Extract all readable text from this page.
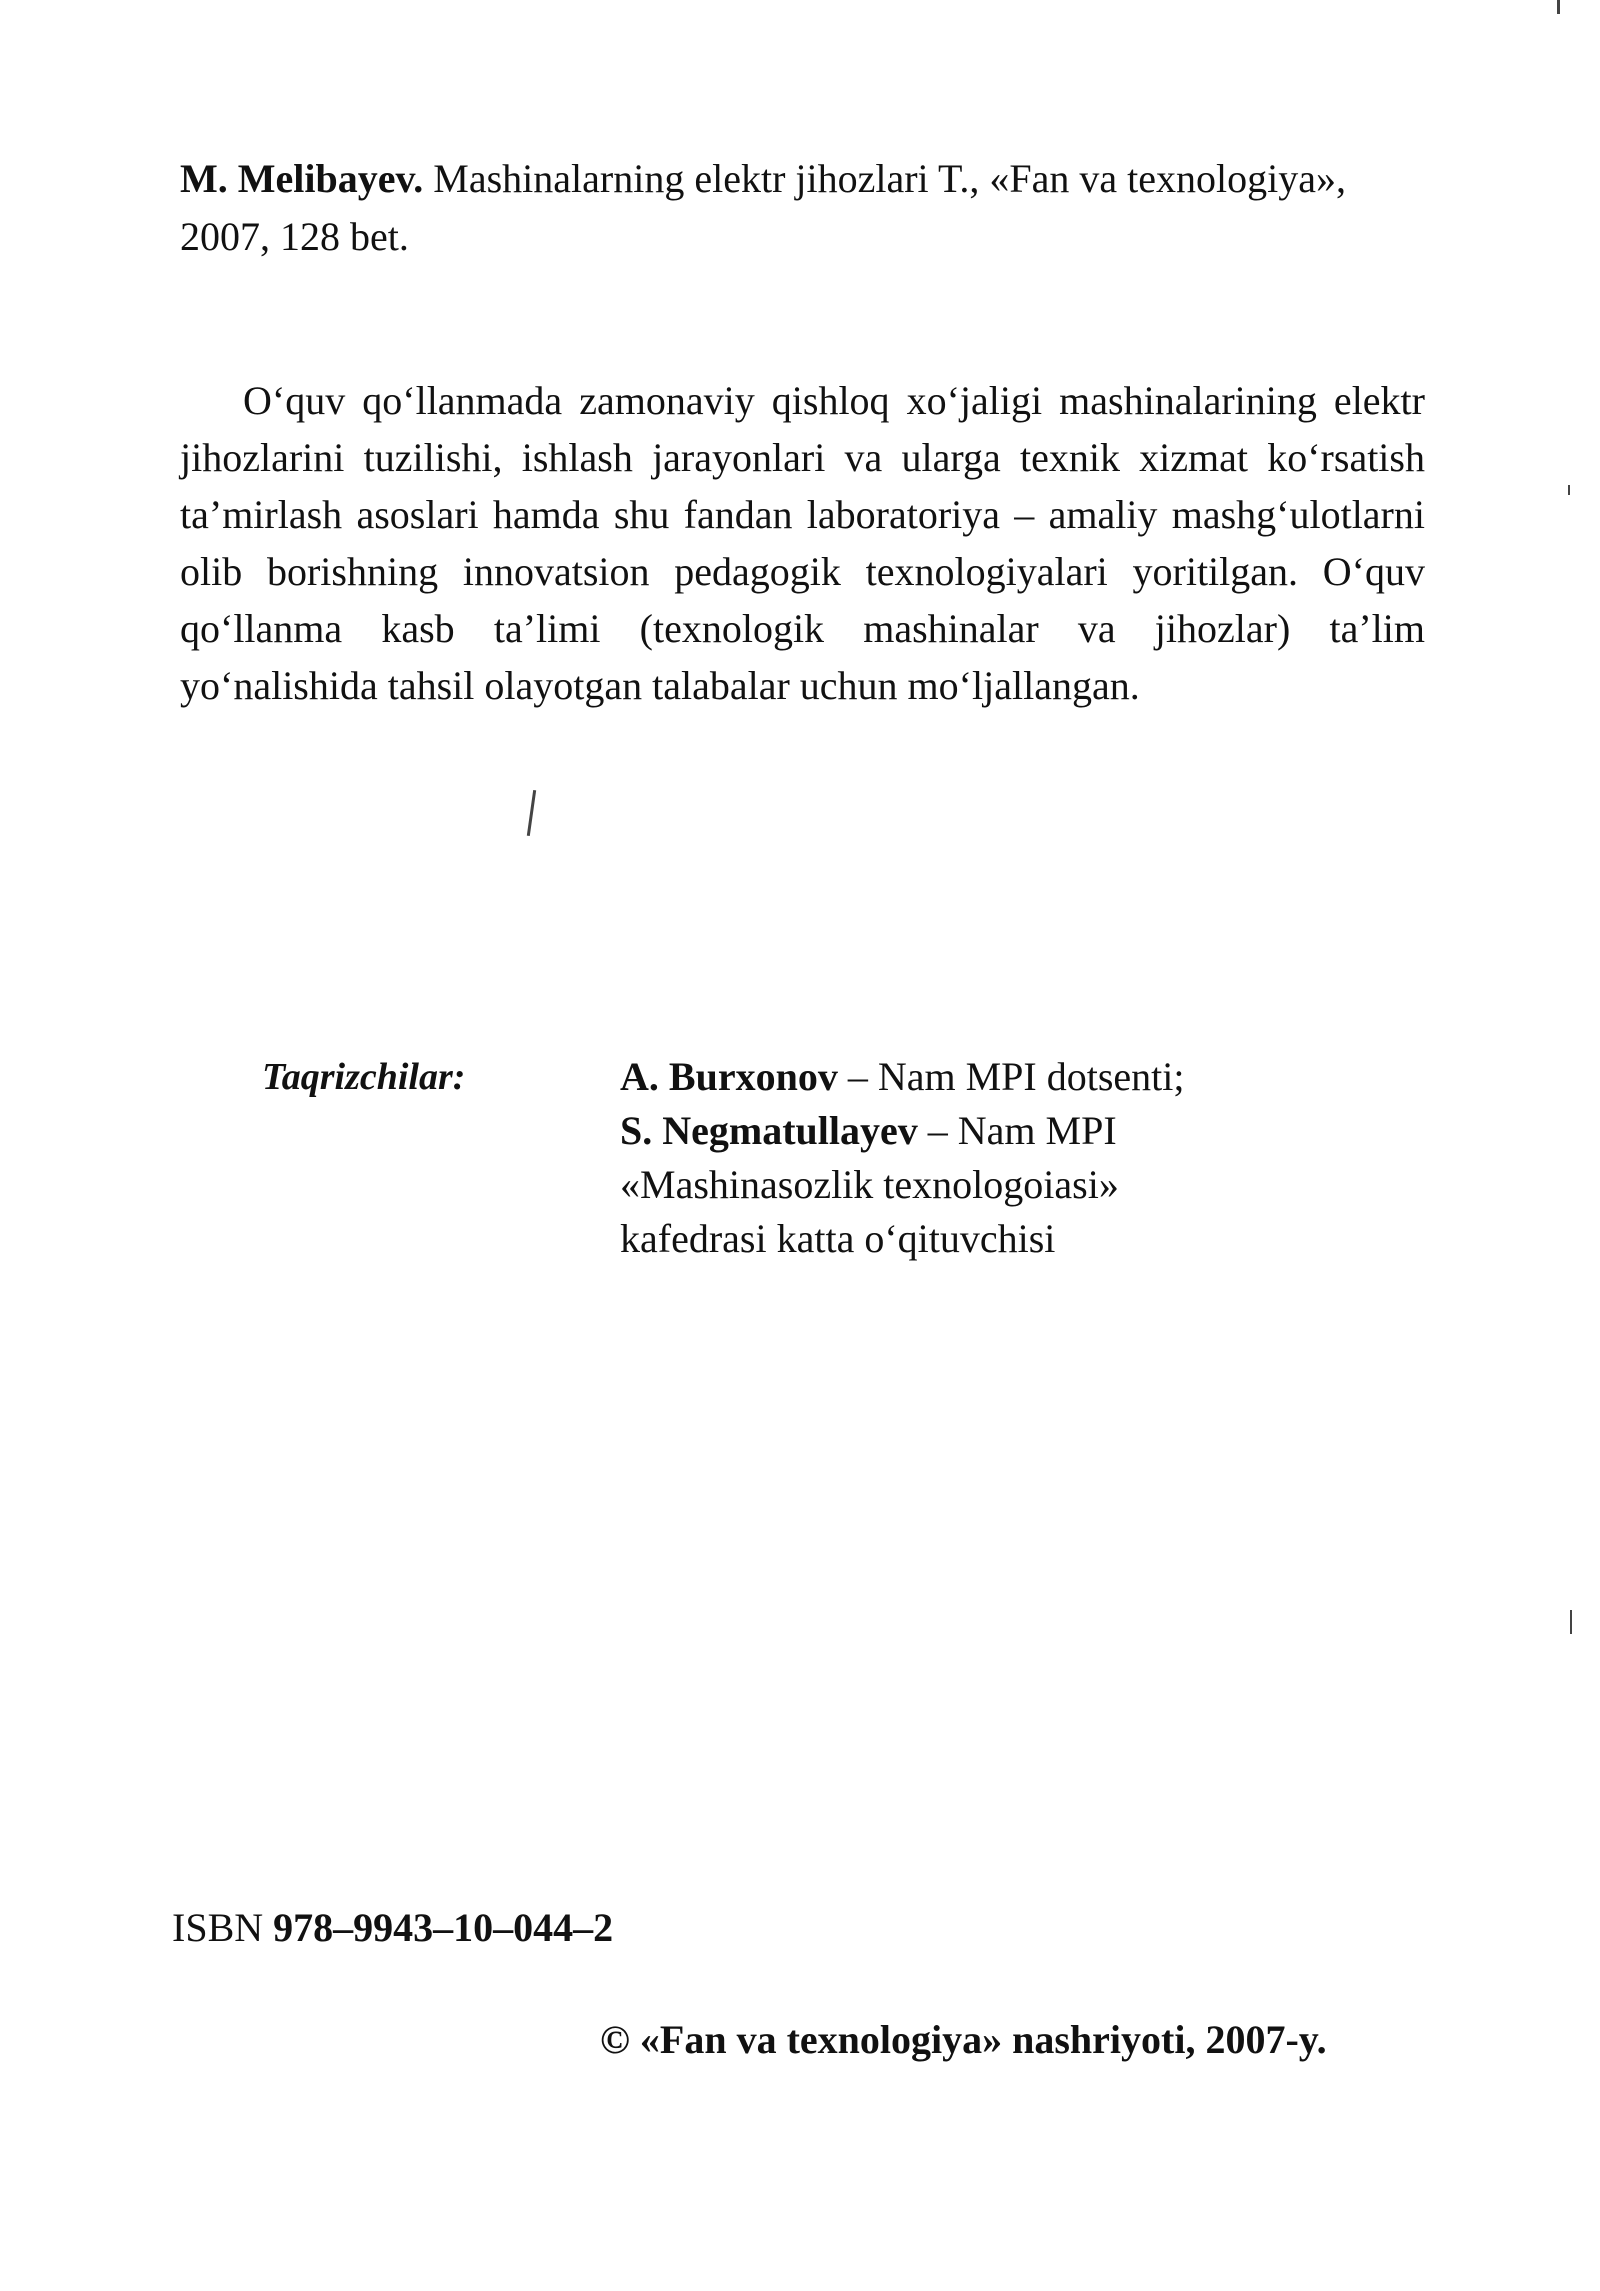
M. Melibayev. Mashinalarning elektr jihozlari T., «Fan va texnologiya», 2007, 128 bet.
O‘quv qo‘llanmada zamonaviy qishloq xo‘jaligi mashinalarining elektr jihozlarini tuzilishi, ishlash jarayonlari va ularga texnik xizmat ko‘rsatish ta’mirlash asoslari hamda shu fandan laboratoriya – amaliy mashg‘ulotlarni olib borishning innovatsion pedagogik texnologiyalari yoritilgan. O‘quv qo‘llanma kasb ta’limi (texnologik mashinalar va jihozlar) ta’lim yo‘nalishida tahsil olayotgan talabalar uchun mo‘ljallangan.
Taqrizchilar:	A. Burxonov – Nam MPI dotsenti;
S. Negmatullayev – Nam MPI
«Mashinasozlik texnologoiasi»
kafedrasi katta o‘qituvchisi
ISBN 978–9943–10–044–2
© «Fan va texnologiya» nashriyoti, 2007-y.
